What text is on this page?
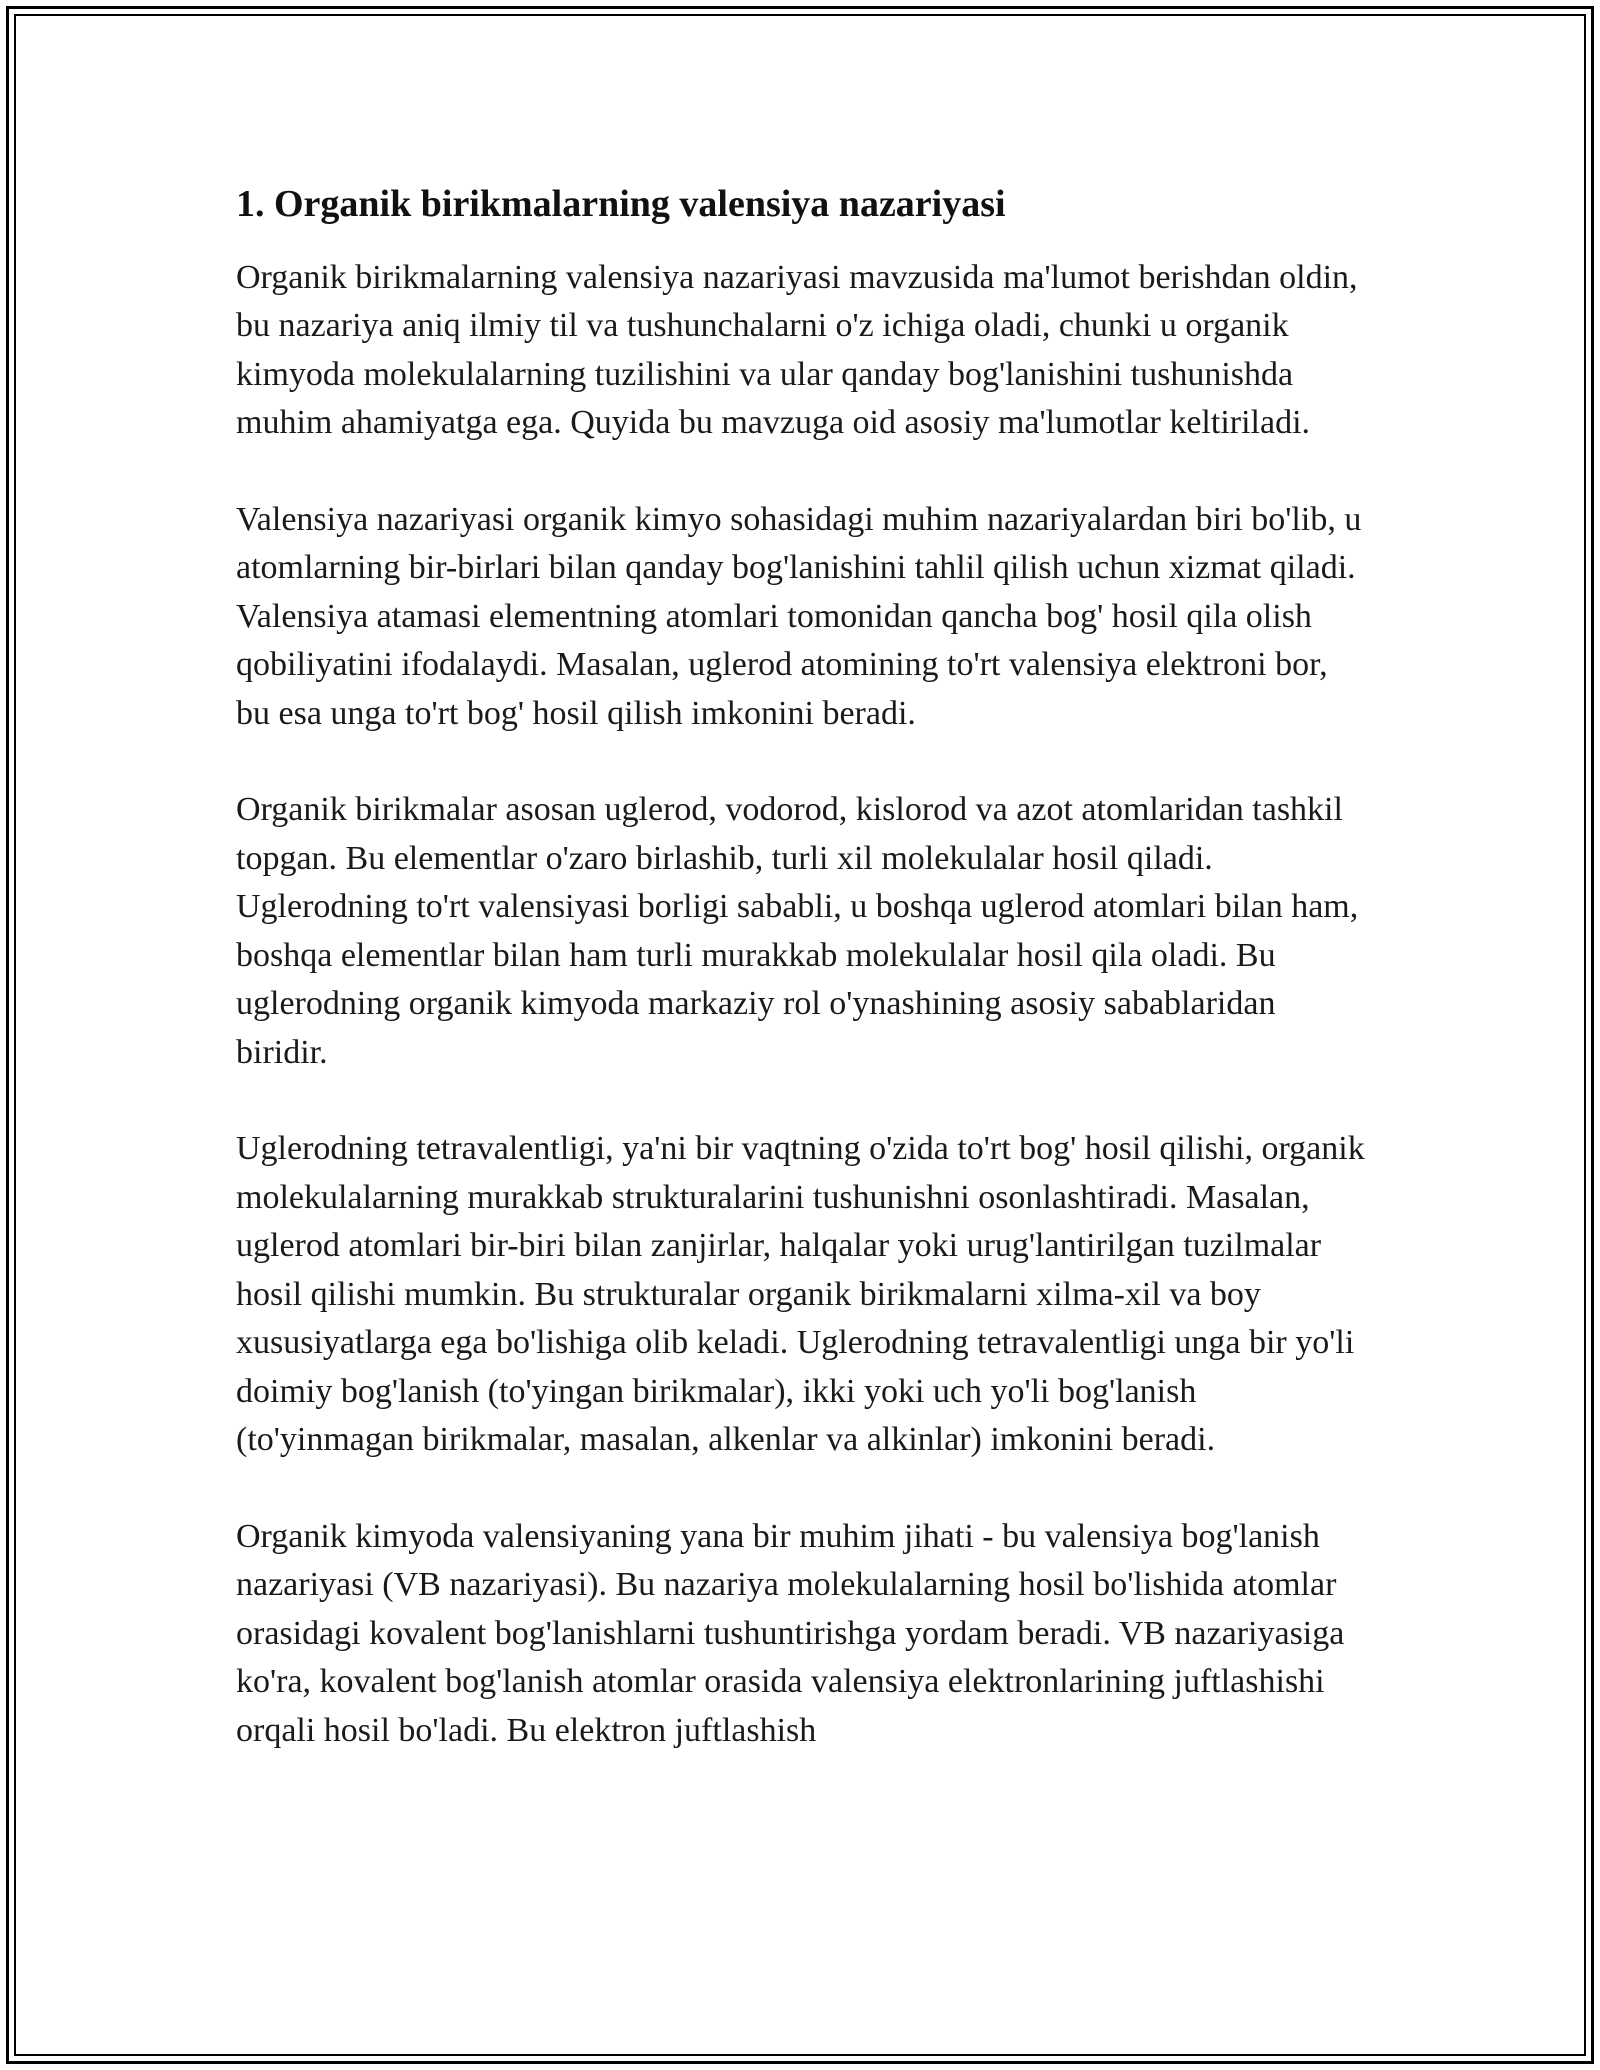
1. Organik birikmalarning valensiya nazariyasi

Organik birikmalarning valensiya nazariyasi mavzusida ma'lumot berishdan oldin, bu nazariya aniq ilmiy til va tushunchalarni o'z ichiga oladi, chunki u organik kimyoda molekulalarning tuzilishini va ular qanday bog'lanishini tushunishda muhim ahamiyatga ega. Quyida bu mavzuga oid asosiy ma'lumotlar keltiriladi.

Valensiya nazariyasi organik kimyo sohasidagi muhim nazariyalardan biri bo'lib, u atomlarning bir-birlari bilan qanday bog'lanishini tahlil qilish uchun xizmat qiladi. Valensiya atamasi elementning atomlari tomonidan qancha bog' hosil qila olish qobiliyatini ifodalaydi. Masalan, uglerod atomining to'rt valensiya elektroni bor, bu esa unga to'rt bog' hosil qilish imkonini beradi.

Organik birikmalar asosan uglerod, vodorod, kislorod va azot atomlaridan tashkil topgan. Bu elementlar o'zaro birlashib, turli xil molekulalar hosil qiladi. Uglerodning to'rt valensiyasi borligi sababli, u boshqa uglerod atomlari bilan ham, boshqa elementlar bilan ham turli murakkab molekulalar hosil qila oladi. Bu uglerodning organik kimyoda markaziy rol o'ynashining asosiy sabablaridan biridir.

Uglerodning tetravalentligi, ya'ni bir vaqtning o'zida to'rt bog' hosil qilishi, organik molekulalarning murakkab strukturalarini tushunishni osonlashtiradi. Masalan, uglerod atomlari bir-biri bilan zanjirlar, halqalar yoki urug'lantirilgan tuzilmalar hosil qilishi mumkin. Bu strukturalar organik birikmalarni xilma-xil va boy xususiyatlarga ega bo'lishiga olib keladi. Uglerodning tetravalentligi unga bir yo'li doimiy bog'lanish (to'yingan birikmalar), ikki yoki uch yo'li bog'lanish (to'yinmagan birikmalar, masalan, alkenlar va alkinlar) imkonini beradi.

Organik kimyoda valensiyaning yana bir muhim jihati - bu valensiya bog'lanish nazariyasi (VB nazariyasi). Bu nazariya molekulalarning hosil bo'lishida atomlar orasidagi kovalent bog'lanishlarni tushuntirishga yordam beradi. VB nazariyasiga ko'ra, kovalent bog'lanish atomlar orasida valensiya elektronlarining juftlashishi orqali hosil bo'ladi. Bu elektron juftlashish
